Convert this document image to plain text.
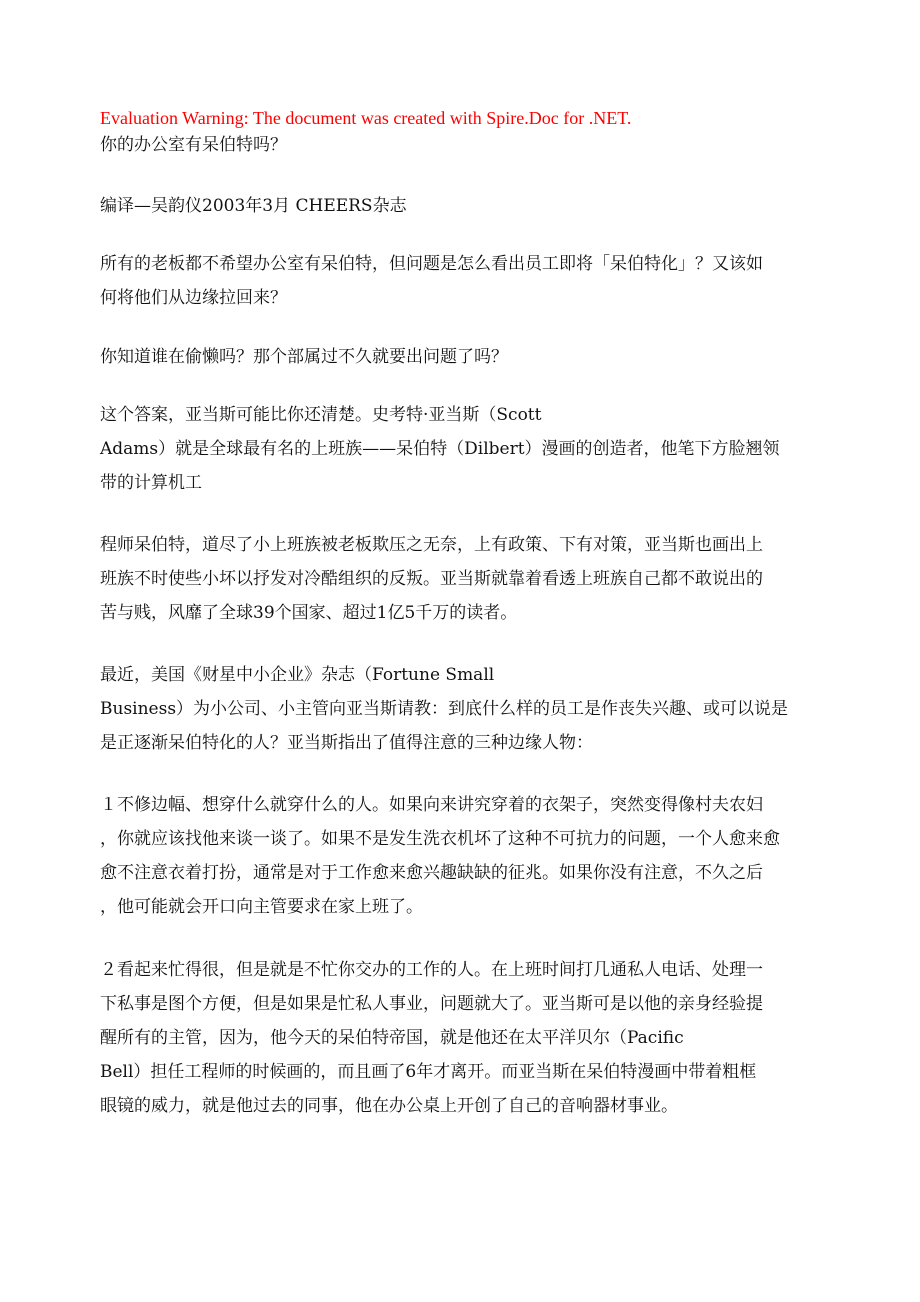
Evaluation Warning: The document was created with Spire.Doc for .NET.
你的办公室有呆伯特吗？
编译—吴韵仪2003年3月 CHEERS杂志
所有的老板都不希望办公室有呆伯特，但问题是怎么看出员工即将「呆伯特化」？又该如
何将他们从边缘拉回来？
你知道谁在偷懒吗？那个部属过不久就要出问题了吗？
这个答案，亚当斯可能比你还清楚。史考特·亚当斯（Scott
Adams）就是全球最有名的上班族——呆伯特（Dilbert）漫画的创造者，他笔下方脸翘领
带的计算机工
程师呆伯特，道尽了小上班族被老板欺压之无奈，上有政策、下有对策，亚当斯也画出上
班族不时使些小坏以抒发对冷酷组织的反叛。亚当斯就靠着看透上班族自己都不敢说出的
苦与贱，风靡了全球39个国家、超过1亿5千万的读者。
最近，美国《财星中小企业》杂志（Fortune Small
Business）为小公司、小主管向亚当斯请教：到底什么样的员工是作丧失兴趣、或可以说是
是正逐渐呆伯特化的人？亚当斯指出了值得注意的三种边缘人物：
１不修边幅、想穿什么就穿什么的人。如果向来讲究穿着的衣架子，突然变得像村夫农妇
，你就应该找他来谈一谈了。如果不是发生洗衣机坏了这种不可抗力的问题，一个人愈来愈
愈不注意衣着打扮，通常是对于工作愈来愈兴趣缺缺的征兆。如果你没有注意，不久之后
，他可能就会开口向主管要求在家上班了。
２看起来忙得很，但是就是不忙你交办的工作的人。在上班时间打几通私人电话、处理一
下私事是图个方便，但是如果是忙私人事业，问题就大了。亚当斯可是以他的亲身经验提
醒所有的主管，因为，他今天的呆伯特帝国，就是他还在太平洋贝尔（Pacific
Bell）担任工程师的时候画的，而且画了6年才离开。而亚当斯在呆伯特漫画中带着粗框
眼镜的威力，就是他过去的同事，他在办公桌上开创了自己的音响器材事业。
